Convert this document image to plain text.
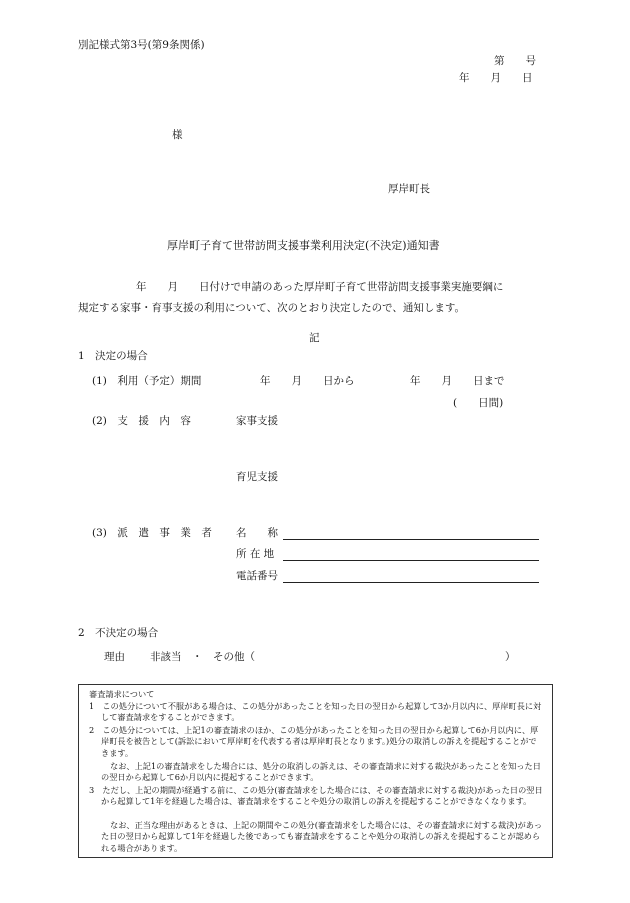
別記様式第3号(第9条関係)
第　　号
年　　月　　日
様
厚岸町長
厚岸町子育て世帯訪問支援事業利用決定(不決定)通知書
年　　月　　日付けで申請のあった厚岸町子育て世帯訪問支援事業実施要綱に
規定する家事・育事支援の利用について、次のとおり決定したので、通知します。
記
1　決定の場合
(1)　利用（予定）期間	年　　月　　日から	年　　月　　日まで
(　　日間)
(2)　支　援　内　容	家事支援
育児支援
(3)　派　遣　事　業　者 名　　称
所 在 地
電話番号
2　不決定の場合
理由 非該当　・　その他（	）
審査請求について
1　この処分について不服がある場合は、この処分があったことを知った日の翌日から起算して3か月以内に、厚岸町長に対して審査請求をすることができます。
2　この処分については、上記1の審査請求のほか、この処分があったことを知った日の翌日から起算して6か月以内に、厚岸町長を被告として(訴訟において厚岸町を代表する者は厚岸町長となります。)処分の取消しの訴えを提起することができます。
なお、上記1の審査請求をした場合には、処分の取消しの訴えは、その審査請求に対する裁決があったことを知った日の翌日から起算して6か月以内に提起することができます。
3　ただし、上記の期間が経過する前に、この処分(審査請求をした場合には、その審査請求に対する裁決)があった日の翌日から起算して1年を経過した場合は、審査請求をすることや処分の取消しの訴えを提起することができなくなります。
なお、正当な理由があるときは、上記の期間やこの処分(審査請求をした場合には、その審査請求に対する裁決)があった日の翌日から起算して1年を経過した後であっても審査請求をすることや処分の取消しの訴えを提起することが認められる場合があります。
